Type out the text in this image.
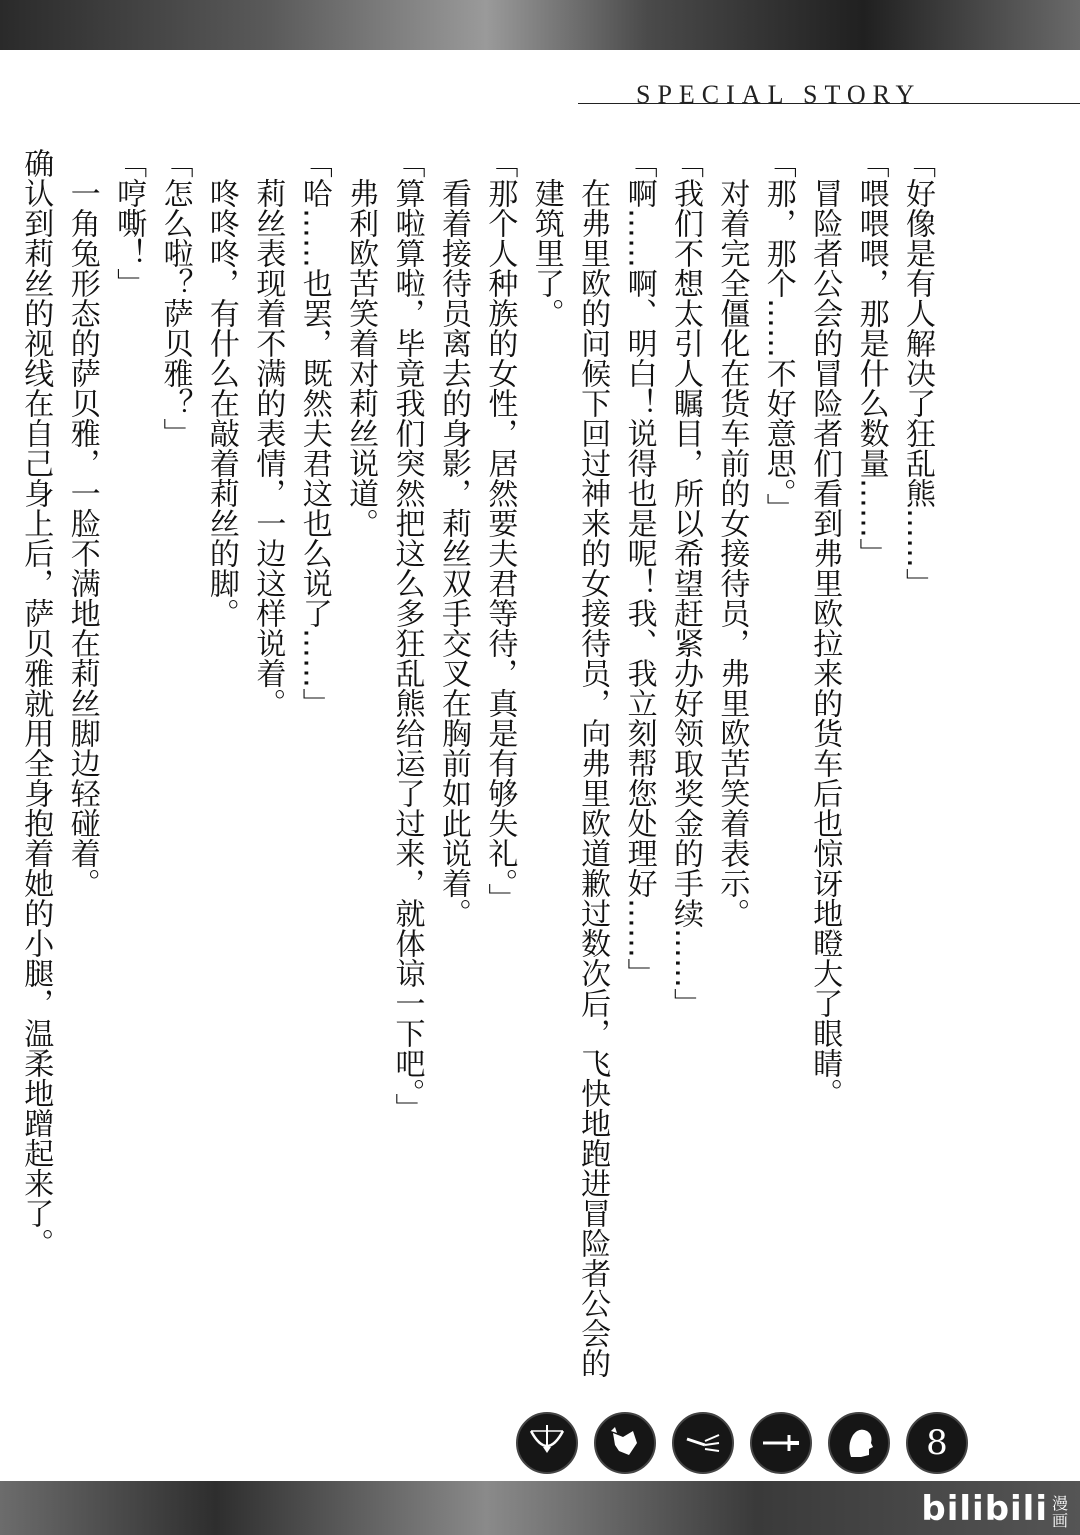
SPECIAL STORY

「好像是有人解决了狂乱熊……」

「喂喂喂，那是什么数量……」

冒险者公会的冒险者们看到弗里欧拉来的货车后也惊讶地瞪大了眼睛。

「那，那个……不好意思。」

对着完全僵化在货车前的女接待员，弗里欧苦笑着表示。

「我们不想太引人瞩目，所以希望赶紧办好领取奖金的手续……」

「啊……啊、明白！说得也是呢！我、我立刻帮您处理好……」

在弗里欧的问候下回过神来的女接待员，向弗里欧道歉过数次后，飞快地跑进冒险者公会的建筑里了。

「那个人种族的女性，居然要夫君等待，真是有够失礼。」

看着接待员离去的身影，莉丝双手交叉在胸前如此说着。

「算啦算啦，毕竟我们突然把这么多狂乱熊给运了过来，就体谅一下吧。」

弗利欧苦笑着对莉丝说道。

「哈……也罢，既然夫君这也么说了……」

莉丝表现着不满的表情，一边这样说着。

咚咚咚，有什么在敲着莉丝的脚。

「怎么啦？萨贝雅？」

「哼嘶！」

一角兔形态的萨贝雅，一脸不满地在莉丝脚边轻碰着。

确认到莉丝的视线在自己身上后，萨贝雅就用全身抱着她的小腿，温柔地蹭起来了。

8
bilibili 漫
画
